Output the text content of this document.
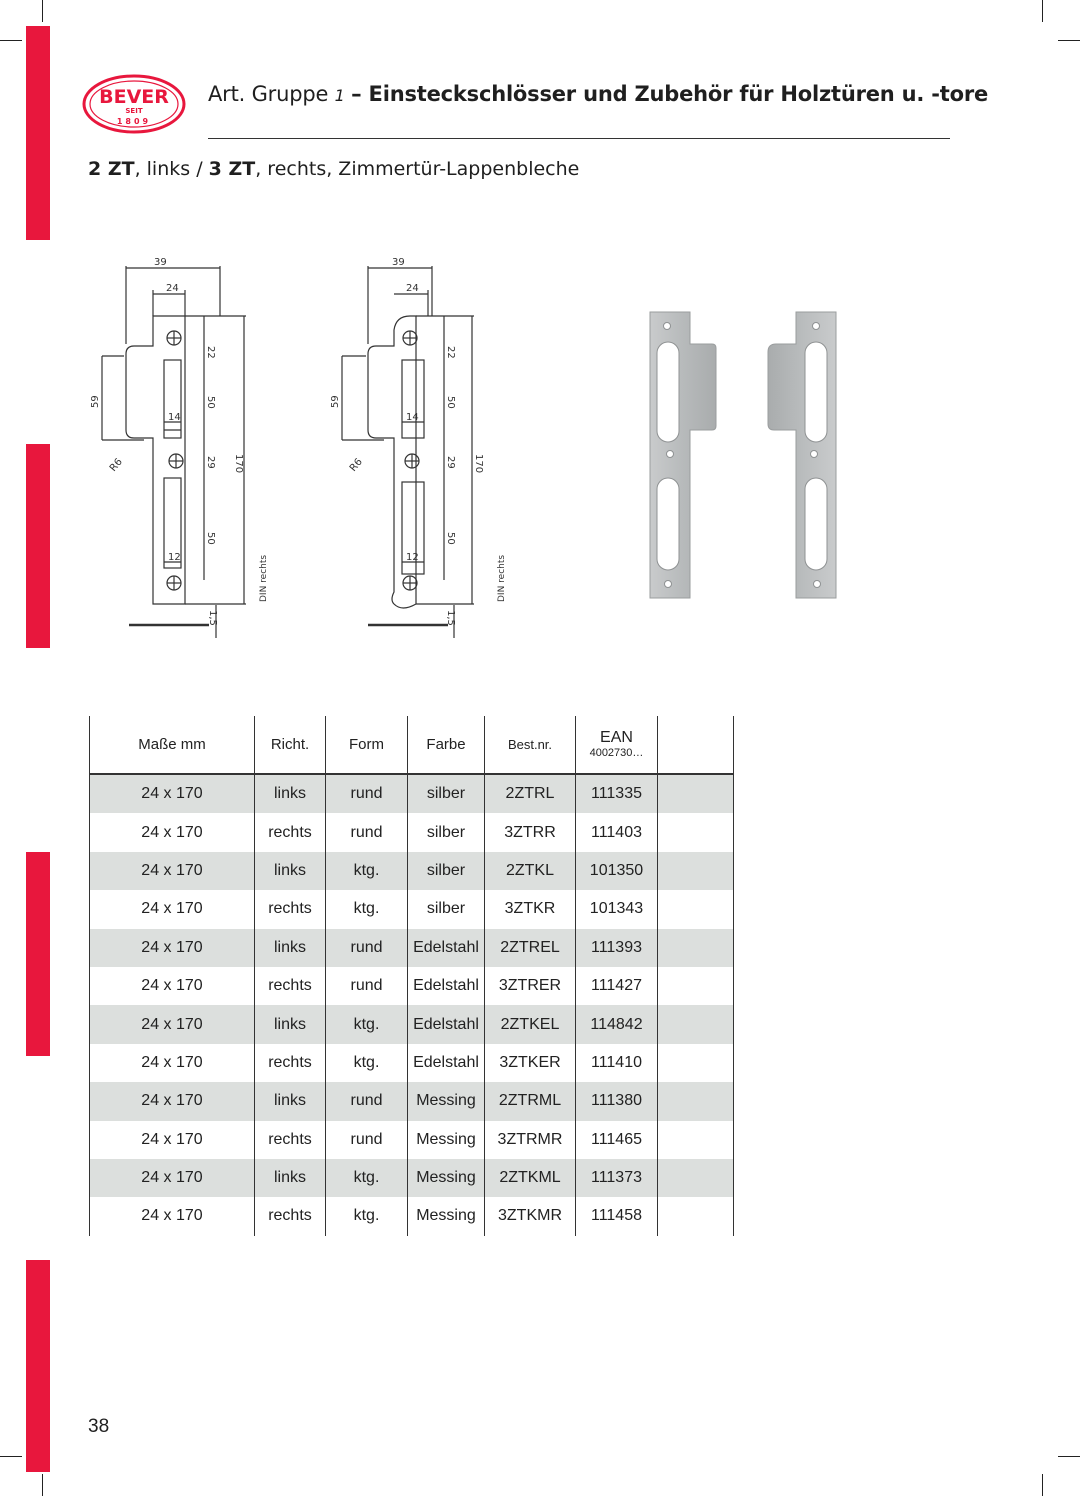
BEVER
SEIT
1809
Art. Gruppe 1 – Einsteckschlösser und Zubehör für Holztüren u. -tore
2 ZT, links / 3 ZT, rechts, Zimmertür-Lappenbleche
39
24
14
12
22
50
29
50
170
59
R6
1,5
DIN rechts
39
24
14
12
22
50
29
50
170
59
R6
1,5
DIN rechts
Maße mm	Richt.	Form	Farbe	Best.nr.	EAN
4002730…	

24 x 170	links	rund	silber	2ZTRL	111335	
24 x 170	rechts	rund	silber	3ZTRR	111403	
24 x 170	links	ktg.	silber	2ZTKL	101350	
24 x 170	rechts	ktg.	silber	3ZTKR	101343	
24 x 170	links	rund	Edelstahl	2ZTREL	111393	
24 x 170	rechts	rund	Edelstahl	3ZTRER	111427	
24 x 170	links	ktg.	Edelstahl	2ZTKEL	114842	
24 x 170	rechts	ktg.	Edelstahl	3ZTKER	111410	
24 x 170	links	rund	Messing	2ZTRML	111380	
24 x 170	rechts	rund	Messing	3ZTRMR	111465	
24 x 170	links	ktg.	Messing	2ZTKML	111373	
24 x 170	rechts	ktg.	Messing	3ZTKMR	111458	
38
